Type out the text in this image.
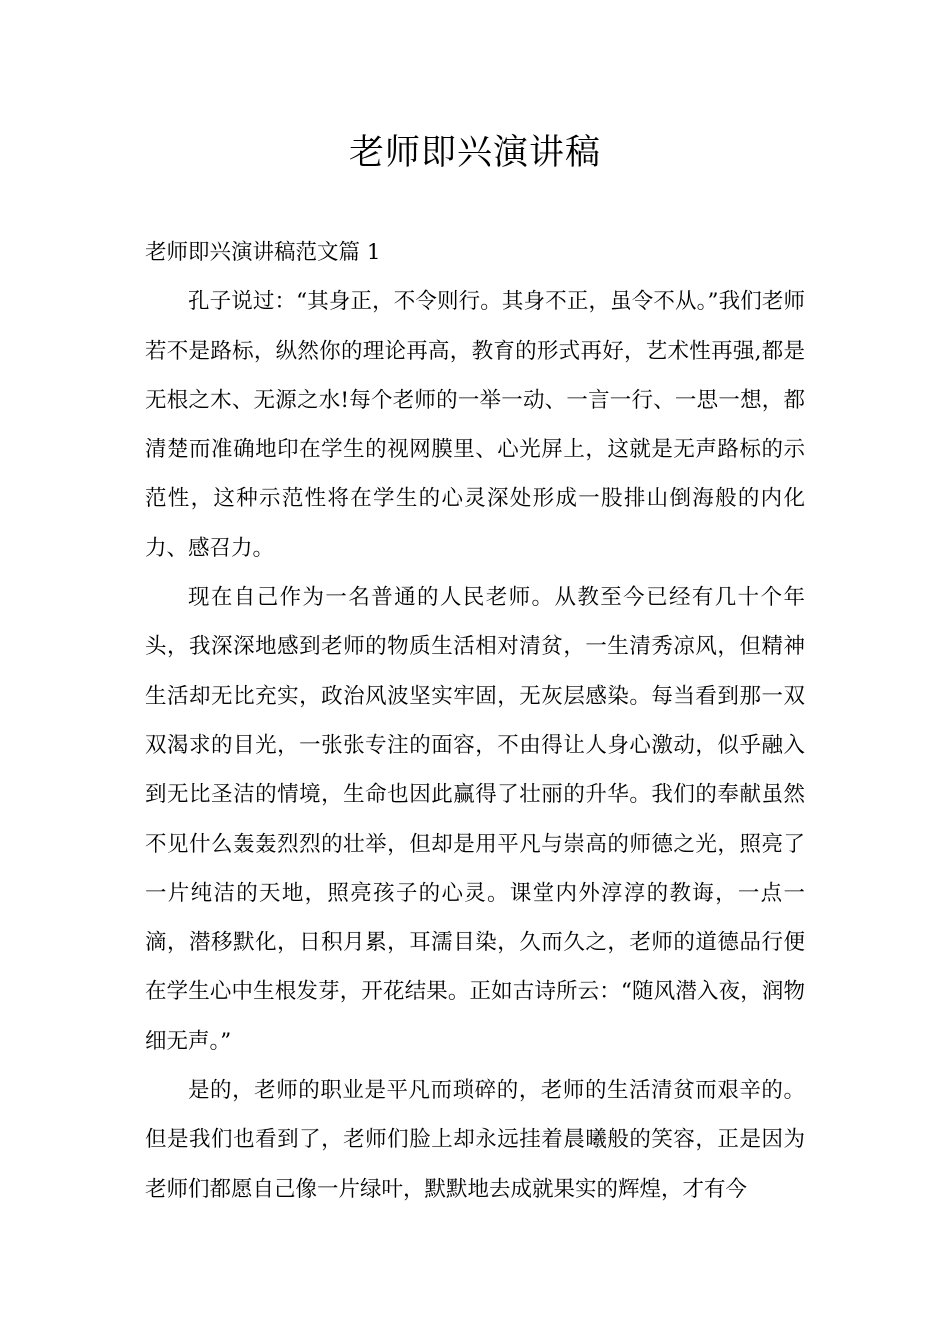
老师即兴演讲稿

老师即兴演讲稿范文篇 1

孔子说过：“其身正，不令则行。其身不正，虽令不从。”我们老师若不是路标，纵然你的理论再高，教育的形式再好，艺术性再强,都是无根之木、无源之水!每个老师的一举一动、一言一行、一思一想，都清楚而准确地印在学生的视网膜里、心光屏上，这就是无声路标的示范性，这种示范性将在学生的心灵深处形成一股排山倒海般的内化力、感召力。

现在自己作为一名普通的人民老师。从教至今已经有几十个年头，我深深地感到老师的物质生活相对清贫，一生清秀凉风，但精神生活却无比充实，政治风波坚实牢固，无灰层感染。每当看到那一双双渴求的目光，一张张专注的面容，不由得让人身心激动，似乎融入到无比圣洁的情境，生命也因此赢得了壮丽的升华。我们的奉献虽然不见什么轰轰烈烈的壮举，但却是用平凡与崇高的师德之光，照亮了一片纯洁的天地，照亮孩子的心灵。课堂内外淳淳的教诲，一点一滴，潜移默化，日积月累，耳濡目染，久而久之，老师的道德品行便在学生心中生根发芽，开花结果。正如古诗所云：“随风潜入夜，润物细无声。”

是的，老师的职业是平凡而琐碎的，老师的生活清贫而艰辛的。但是我们也看到了，老师们脸上却永远挂着晨曦般的笑容，正是因为老师们都愿自己像一片绿叶，默默地去成就果实的辉煌，才有今
